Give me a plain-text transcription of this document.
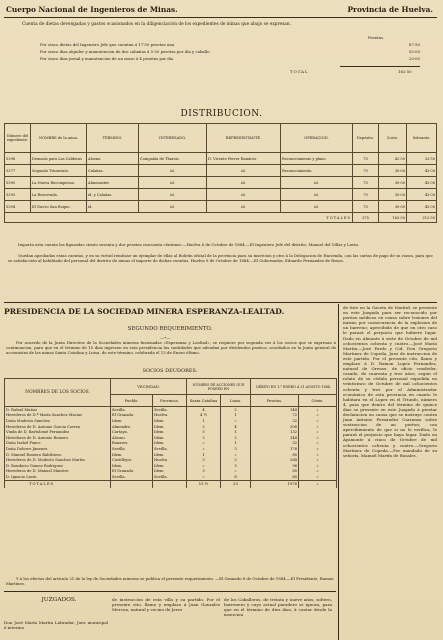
Cuerpo Nacional de Ingenieros de Minas.	Provincia de Huelva.
Cuenta de dietas devengadas y gastos ocasionados en la diligenciación de los expedientes de minas que abajo se expresan.
Pesetas.
Por cinco dietas del Ingeniero Jefe que cuentan á 17'50 pesetas una	87·50
Por cinco dias alquiler y manutencion de dos cabañas á 5·50 pesetas por dia y caballo	55·00
Por cinco dias jornal y manutencion de un mozo á 4 pesetas por dia	20·00
TOTAL	162·50
DISTRIBUCION.
Número del expediente.	NOMBRE de la mina.	TERMINO.	INTERESADO.	REPRESENTANTE.	OPERACION.	Depósito.	Costo.	Sobrante.
5398	Demasía para Las Calderas	Alosno.	Compañía de Tharsis.	D. Vicente Ferrer Ramírez.	Reconocimiento y plano	75	42·50	32·50
5377	Segundo Triunviato.	Calañas.	id.	id.	Reconocimiento.	75	30·00	45·00
5390	La Nueva Recompensa.	Almonaster.	id.	id.	id.	75	30·00	45·00
5393	La Reservada.	id. y Calañas.	id.	id.	id.	75	30·00	45·00
5394	El Nuevo San Roque.	id.	id.	id.	id.	75	30·00	45·00
TOTALES						375	162·50	212·50
Importa esta cuenta las figuradas ciento sesenta y dos pesetas cincuenta céntimos.—Huelva 6 de Octubre de 1884.—El Ingeniero Jefe del distrito, Manuel del Villar y Lavin.
Quedan aprobadas estas cuentas, y en su virtud remítase un ejemplar de ellas al Boletín oficial de la provincia para su insercion y otro á la Delegacion de Hacienda, con las cartas de pago de su razon, para que se satisfacción al habilitado del personal del distrito de minas el importe de dichas cuentas. Huelva 9 de Octubre de 1884.—El Gobernador, Eduardo Fernandez de Rosas.
PRESIDENCIA DE LA SOCIEDAD MINERA ESPERANZA-LEALTAD.
SEGUNDO REQUERIMIENTO.
—•—
Por acuerdo de la Junta Directiva de la Sociedades mineras fusionadas «Esperanza y Lealtad», se requiere por segunda vez á los socios que se expresan á continuacion, para que en el término de 15 dias ingresen en esta presidencia las cantidades que adeudan por dividendos pasivos, acordados en la Junta general de accionistas de las minas Santa Catalina y Luisa, de este término, celebrada el 13 de Enero último.
SOCIOS DEUDORES.
NOMBRES DE LOS SOCIOS.	VECINDAD.		NÚMERO DE ACCIONES QUE POSEEN EN		DÉBITO EN 1.° ENERO Á 31 AGOSTO 1884.	
	Pueblo.	Provincia.	Santa Catalina	Luisa.	Pesetas.	Cénts.
D. Rafael Muñoz	Sevilla.	Sevilla.	4	2	144	»
Herederos de D.ª María Sanchez Macias	El Granado.	Huelva.	4 ½	1	72	»
Doña Modesta Sanchez	Idem	Idem	1	»	32	»
Herederos de D. Antonio Garcia Correa	Almendro	Idem	2	4	208	»
Viuda de D. Bartolomé Fernandez	Cartaya.	Idem	5	1	132	»
Herederos de D. Antonio Romero	Alosno.	Idem	2	2	144	»
Doña Isabel Ponce	Bonares.	Idem	»	1	32	»
Doña Dolores Jimenez	Sevilla.	Sevilla.	»	3	176	»
D. Manuel Romero Baldivieso	Idem	Idem	1	»	80	»
Herederos de D. Modesto Sanchez Martin	Castillejos	Huelva	3	2	264	»
D. Bonifacio Gomez Rodriguez	Idem	Idem	»	3	96	»
Herederos de D. Manuel Maestre	El Granado.	Idem	3	»	80	»
D. Ignacio Lavin	Sevilla.	Sevilla.	»	8	80	»
TOTALES			15 ½	23	1976	»
Y á los efectos del artículo 21 de la ley de Sociedades mineras se publica el presente requerimiento. —El Granado 8 de Octubre de 1884.—El Presidente, Ramon Martinez.
JUZGADOS.
Don José María Martin Labrador, Juez municipal é interino
de instruccion de esta villa y su partido. Por el presente cito, llamo y emplazo á Juan Gonzalez Mercon, natural y vecino de Jerez
de los Caballeros, de treinta y nueve años, soltero, barrenero y cuyo actual paradero se ignora, para que en el término de diez dias, á contar desde la insercion
de éste en la Gaceta de Madrid, se presente en este Juzgado para ser reconocido por peritos médicos en causa sobre lesiones del mismo por consecuencia de la explosion de un barreno; apercibido de que en otro caso le parará el perjuicio que hubiere lugar. Dado en Almonte á siete de Octubre de mil ochocientos ochenta y cuatro.—José María Martin.—José Pardo y Cid. Don Gregorio Martinez de Copeda, Juez de instruccion de este partido. Por el presente cito, llamo y emplazo á D. Ramon Lopez Fernandez, natural de Orense, de oficio vendedor, casado, de cuarenta y tres años, segun el relato de su cédula personal expedida en veinticinco de Octubre de mil ochocientos ochenta y tres por el Administrador económico de esta provincia en cuanto le habitara en el Lopez en el Triunfo, número 4, para que dentro del término de quince dias se presente en este Juzgado á prestar declaracion en causa que se instruye contra Juan Antonio Fernandez Carranza sobre sustraccion de un porton; con apercibimiento de que si no lo verifica, le parará el perjuicio que haya lugar. Dado en Ayamonte á cinco de Octubre de mil ochocientos ochenta y cuatro.—Gregorio Martinez de Copeda.—Por mandado de su señoría, Manuel Martín de Rosales.
